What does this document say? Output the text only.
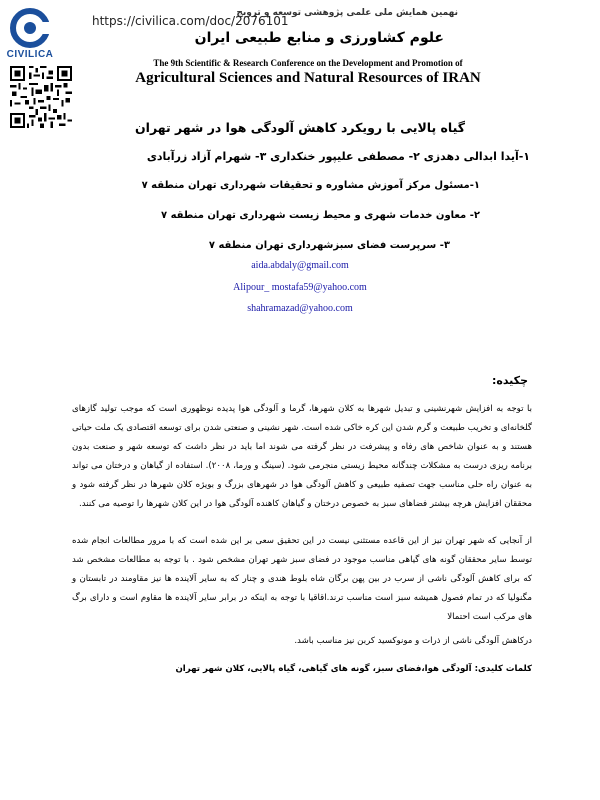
CIVILICA
https://civilica.com/doc/2076101
نهمین همایش ملی علمی پژوهشی توسعه و ترویج
علوم کشاورزی و منابع طبیعی ایران
The 9th Scientific & Research Conference on the Development and Promotion of
Agricultural Sciences and Natural Resources of IRAN
گیاه پالایی با رویکرد کاهش آلودگی هوا در شهر تهران
۱-آیدا ابدالی دهدزی ۲- مصطفی علیپور خنکداری ۳- شهرام آزاد زرآبادی
۱-مسئول مرکز آموزش مشاوره و تحقیقات شهرداری تهران منطقه ۷
۲- معاون خدمات شهری و محیط زیست شهرداری تهران منطقه ۷
۳- سرپرست فضای سبزشهرداری تهران منطقه ۷
aida.abdaly@gmail.com
Alipour_ mostafa59@yahoo.com
shahramazad@yahoo.com
چکیده:

با توجه به افزایش شهرنشینی و تبدیل شهرها به کلان شهرها، گرما و آلودگی هوا پدیده نوظهوری است که موجب تولید گازهای گلخانه‌ای و تخریب طبیعت و گرم شدن این کره خاکی شده است. شهر نشینی و صنعتی شدن برای توسعه اقتصادی یک ملت حیاتی هستند و به عنوان شاخص های رفاه و پیشرفت در نظر گرفته می شوند اما باید در نظر داشت که توسعه شهر و صنعت بدون برنامه ریزی درست به مشکلات چندگانه محیط زیستی منجرمی شود. (سینگ و ورما، ۲۰۰۸). استفاده از گیاهان و درختان می تواند به عنوان راه حلی مناسب جهت تصفیه طبیعی و کاهش آلودگی هوا در شهرهای بزرگ و بویژه کلان شهرها در نظر گرفته شود و محققان افزایش هرچه بیشتر فضاهای سبز به خصوص درختان و گیاهان کاهنده آلودگی هوا در این کلان شهرها را توصیه می کنند.

از آنجایی که شهر تهران نیز از این قاعده مستثنی نیست در این تحقیق سعی بر این شده است که با مرور مطالعات انجام شده توسط سایر محققان گونه های گیاهی مناسب موجود در فضای سبز شهر تهران مشخص شود . با توجه به مطالعات مشخص شد که برای کاهش آلودگی ناشی از سرب در بین پهن برگان شاه بلوط هندی و چنار که به سایر آلاینده ها نیز مقاومند در تابستان و مگنولیا که در تمام فصول همیشه سبز است مناسب ترند.اقاقیا با توجه به اینکه در برابر سایر آلاینده ها مقاوم است و دارای برگ های مرکب است احتمالا

درکاهش آلودگی ناشی از ذرات و مونوکسید کربن نیز مناسب باشد.

کلمات کلیدی: آلودگی هوا،فضای سبز، گونه های گیاهی، گیاه پالایی، کلان شهر تهران
